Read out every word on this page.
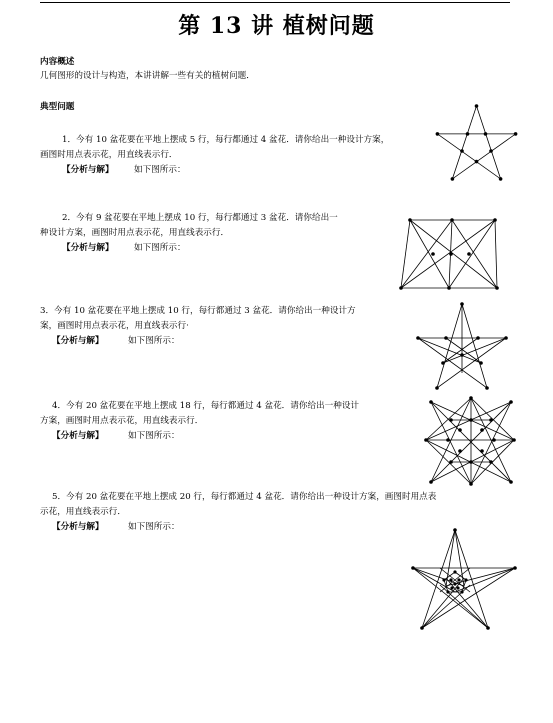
第 13 讲 植树问题
内容概述
几何图形的设计与构造，本讲讲解一些有关的植树问题．
典型问题
1．今有 10 盆花要在平地上摆成 5 行，每行都通过 4 盆花．请你给出一种设计方案，
画图时用点表示花，用直线表示行．
【分析与解】 如下图所示：
2．今有 9 盆花要在平地上摆成 10 行，每行都通过 3 盆花．请你给出一
种设计方案，画图时用点表示花，用直线表示行．
【分析与解】 如下图所示：
3．今有 10 盆花要在平地上摆成 10 行，每行都通过 3 盆花．请你给出一种设计方
案，画图时用点表示花，用直线表示行·
【分析与解】	如下图所示：
4．今有 20 盆花要在平地上摆成 18 行，每行都通过 4 盆花．请你给出一种设计
方案，画图时用点表示花，用直线表示行．
【分析与解】	如下图所示：
5．今有 20 盆花要在平地上摆成 20 行，每行都通过 4 盆花．请你给出一种设计方案，画图时用点表
示花，用直线表示行．
【分析与解】	如下图所示：
